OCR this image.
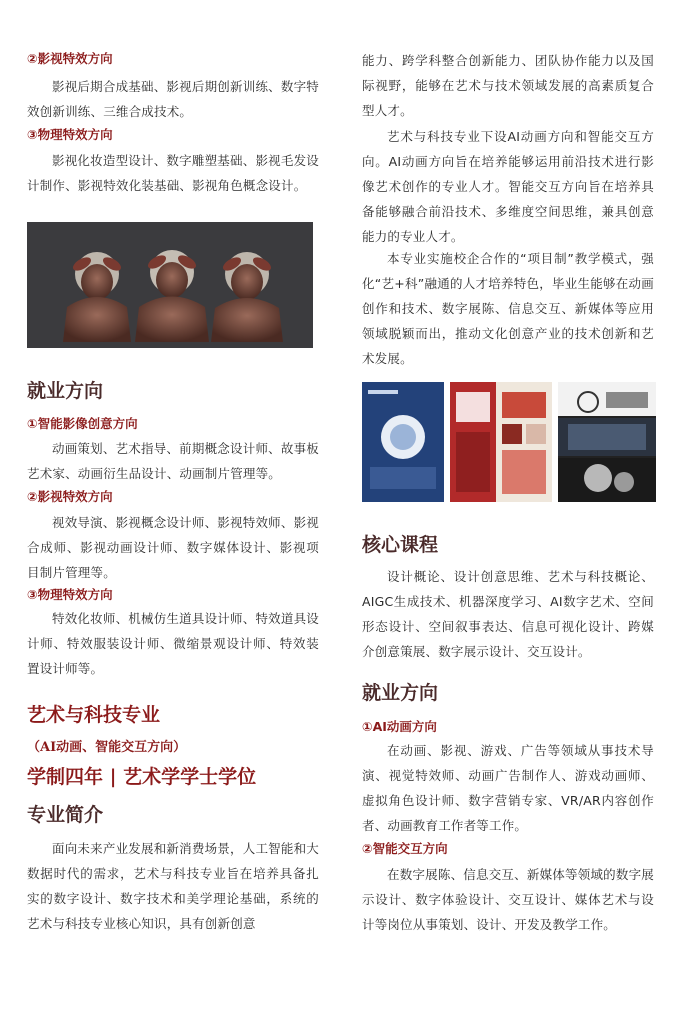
②影视特效方向

影视后期合成基础、影视后期创新训练、数字特效创新训练、三维合成技术。

③物理特效方向

影视化妆造型设计、数字雕塑基础、影视毛发设计制作、影视特效化装基础、影视角色概念设计。

就业方向

①智能影像创意方向

动画策划、艺术指导、前期概念设计师、故事板艺术家、动画衍生品设计、动画制片管理等。

②影视特效方向

视效导演、影视概念设计师、影视特效师、影视合成师、影视动画设计师、数字媒体设计、影视项目制片管理等。

③物理特效方向

特效化妆师、机械仿生道具设计师、特效道具设计师、特效服装设计师、微缩景观设计师、特效装置设计师等。

艺术与科技专业

（AI动画、智能交互方向）

学制四年 | 艺术学学士学位

专业简介

面向未来产业发展和新消费场景，人工智能和大数据时代的需求，艺术与科技专业旨在培养具备扎实的数字设计、数字技术和美学理论基础，系统的艺术与科技专业核心知识，具有创新创意

能力、跨学科整合创新能力、团队协作能力以及国际视野，能够在艺术与技术领域发展的高素质复合型人才。

艺术与科技专业下设AI动画方向和智能交互方向。AI动画方向旨在培养能够运用前沿技术进行影像艺术创作的专业人才。智能交互方向旨在培养具备能够融合前沿技术、多维度空间思维，兼具创意能力的专业人才。

本专业实施校企合作的“项目制”教学模式，强化“艺+科”融通的人才培养特色，毕业生能够在动画创作和技术、数字展陈、信息交互、新媒体等应用领域脱颖而出，推动文化创意产业的技术创新和艺术发展。

核心课程

设计概论、设计创意思维、艺术与科技概论、AIGC生成技术、机器深度学习、AI数字艺术、空间形态设计、空间叙事表达、信息可视化设计、跨媒介创意策展、数字展示设计、交互设计。

就业方向

①AI动画方向

在动画、影视、游戏、广告等领域从事技术导演、视觉特效师、动画广告制作人、游戏动画师、虚拟角色设计师、数字营销专家、VR/AR内容创作者、动画教育工作者等工作。

②智能交互方向

在数字展陈、信息交互、新媒体等领域的数字展示设计、数字体验设计、交互设计、媒体艺术与设计等岗位从事策划、设计、开发及教学工作。
